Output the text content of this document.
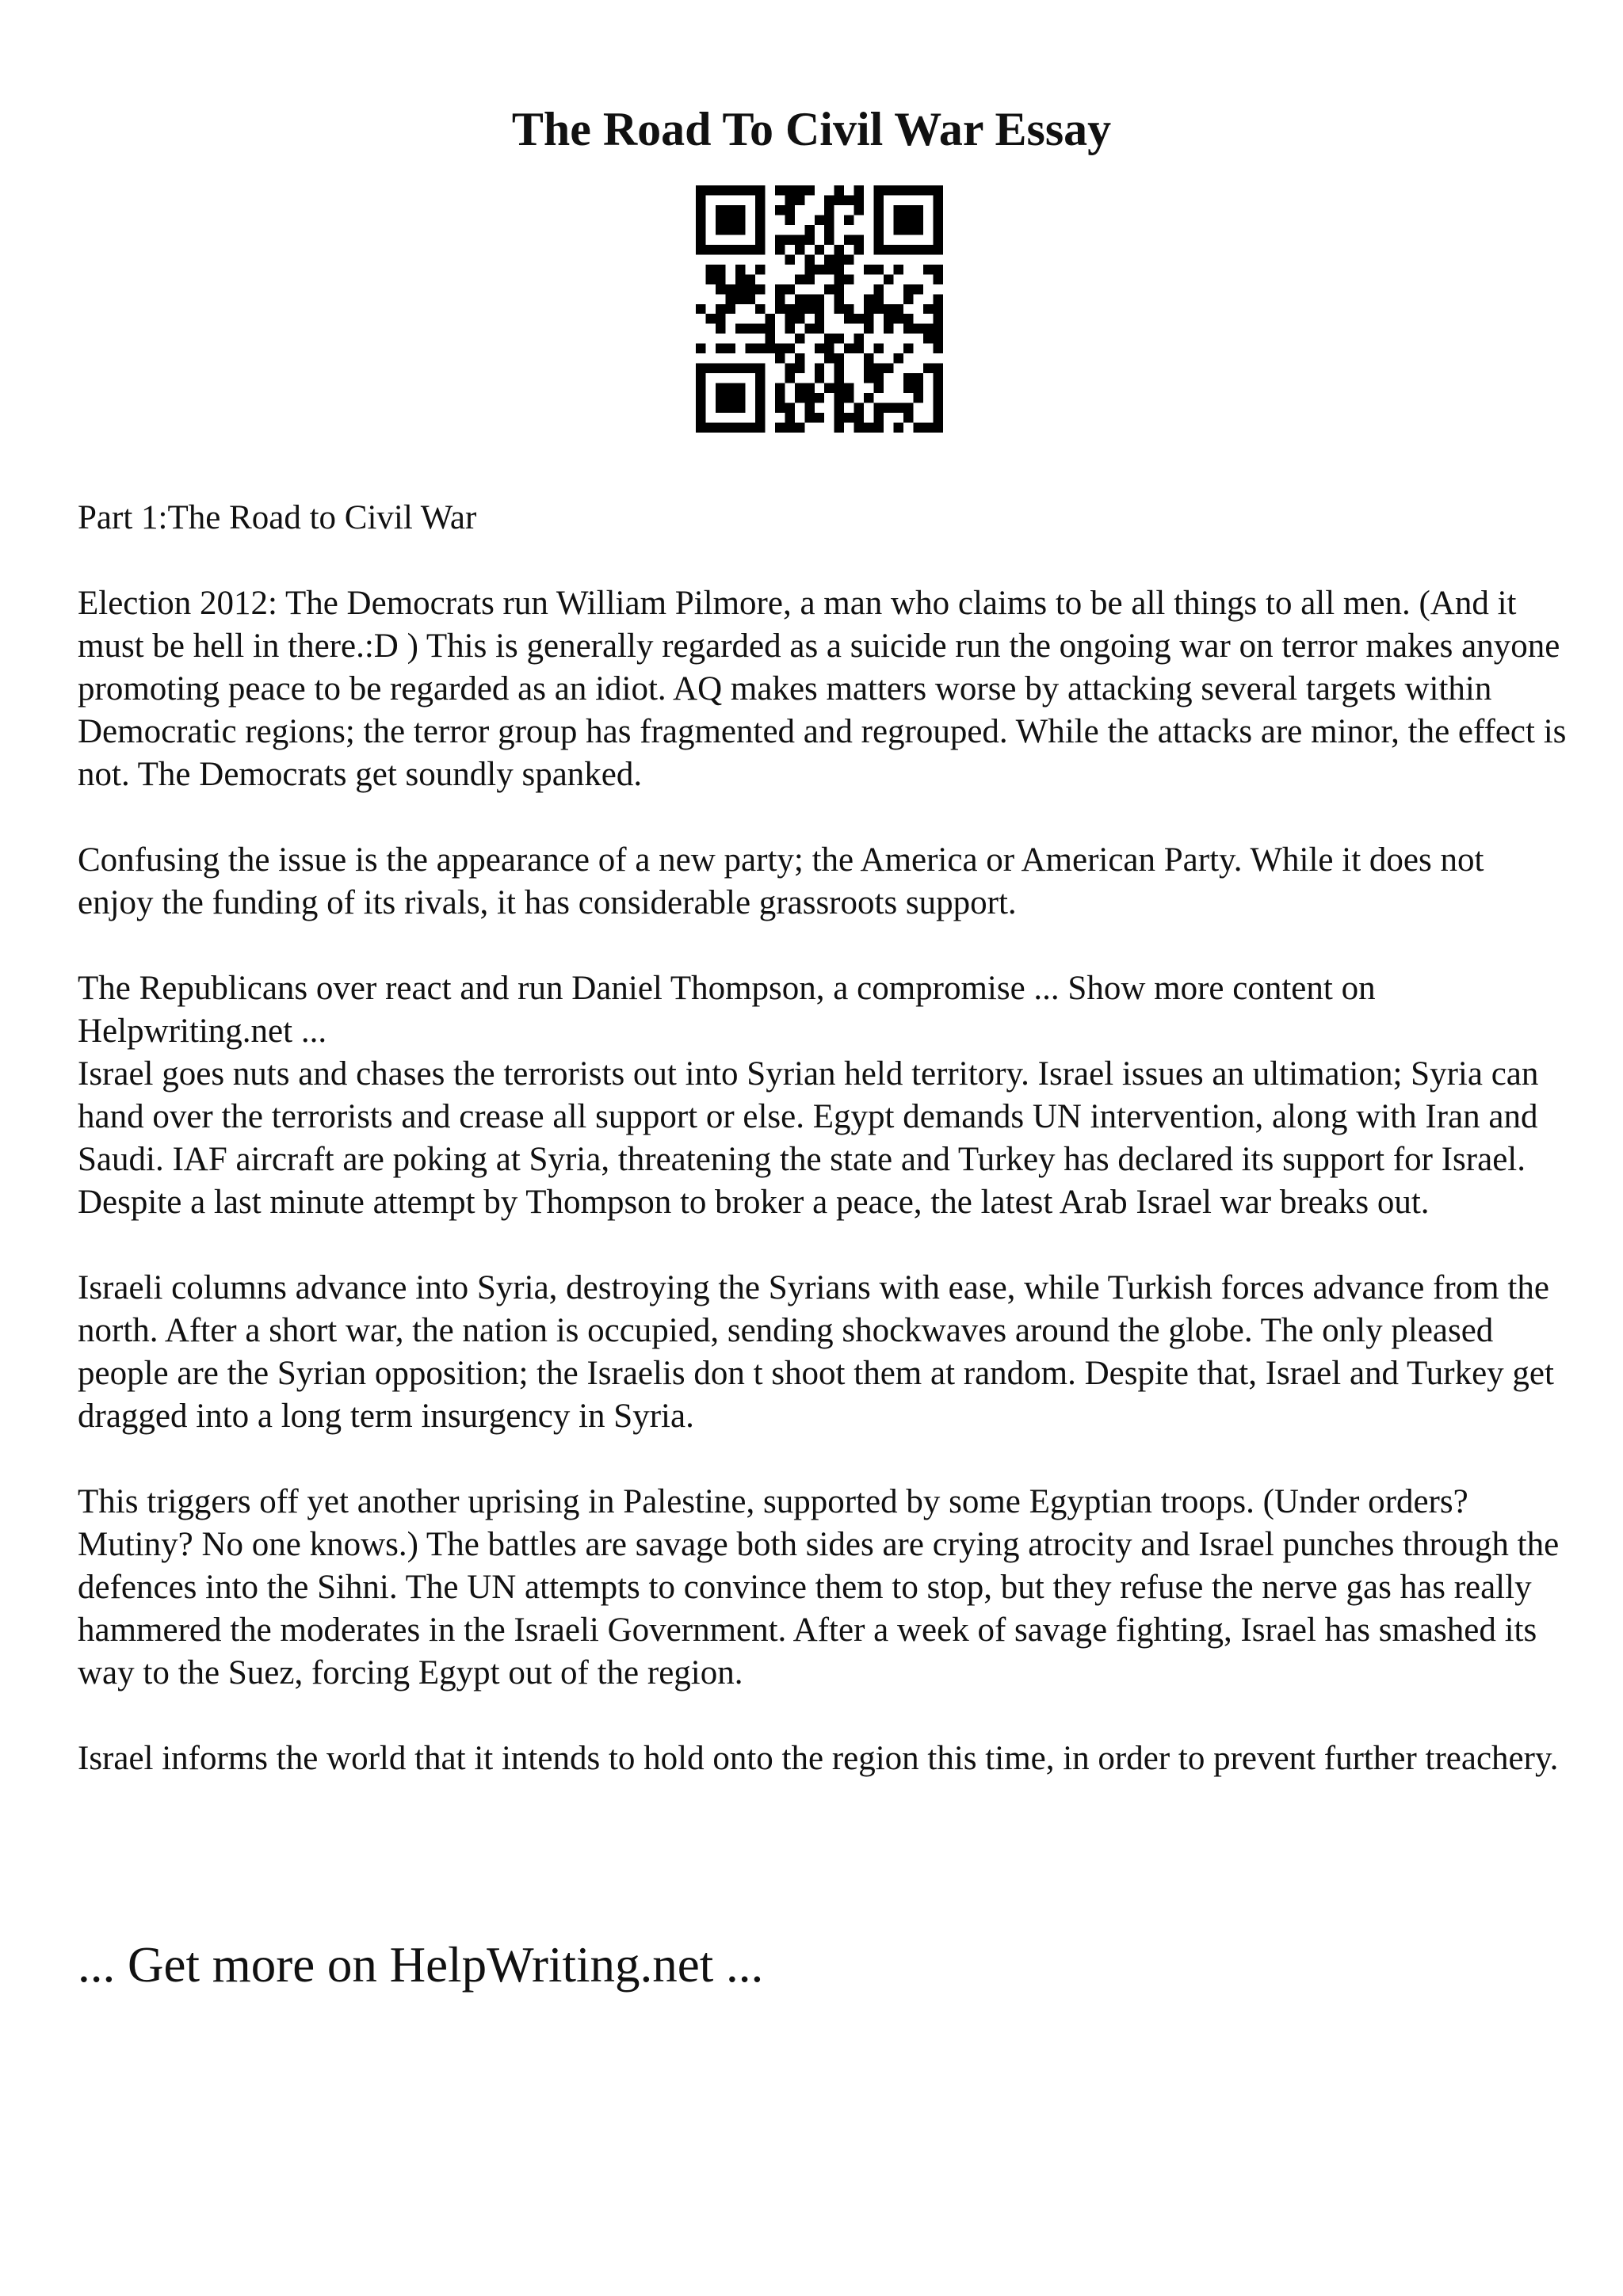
The Road To Civil War Essay

Part 1:The Road to Civil War

Election 2012: The Democrats run William Pilmore, a man who claims to be all things to all men. (And it must be hell in there.:D ) This is generally regarded as a suicide run the ongoing war on terror makes anyone promoting peace to be regarded as an idiot. AQ makes matters worse by attacking several targets within Democratic regions; the terror group has fragmented and regrouped. While the attacks are minor, the effect is not. The Democrats get soundly spanked.

Confusing the issue is the appearance of a new party; the America or American Party. While it does not enjoy the funding of its rivals, it has considerable grassroots support.

The Republicans over react and run Daniel Thompson, a compromise ... Show more content on Helpwriting.net ...

Israel goes nuts and chases the terrorists out into Syrian held territory. Israel issues an ultimation; Syria can hand over the terrorists and crease all support or else. Egypt demands UN intervention, along with Iran and Saudi. IAF aircraft are poking at Syria, threatening the state and Turkey has declared its support for Israel. Despite a last minute attempt by Thompson to broker a peace, the latest Arab Israel war breaks out.

Israeli columns advance into Syria, destroying the Syrians with ease, while Turkish forces advance from the north. After a short war, the nation is occupied, sending shockwaves around the globe. The only pleased people are the Syrian opposition; the Israelis don t shoot them at random. Despite that, Israel and Turkey get dragged into a long term insurgency in Syria.

This triggers off yet another uprising in Palestine, supported by some Egyptian troops. (Under orders? Mutiny? No one knows.) The battles are savage both sides are crying atrocity and Israel punches through the defences into the Sihni. The UN attempts to convince them to stop, but they refuse the nerve gas has really hammered the moderates in the Israeli Government. After a week of savage fighting, Israel has smashed its way to the Suez, forcing Egypt out of the region.

Israel informs the world that it intends to hold onto the region this time, in order to prevent further treachery.

... Get more on HelpWriting.net ...
